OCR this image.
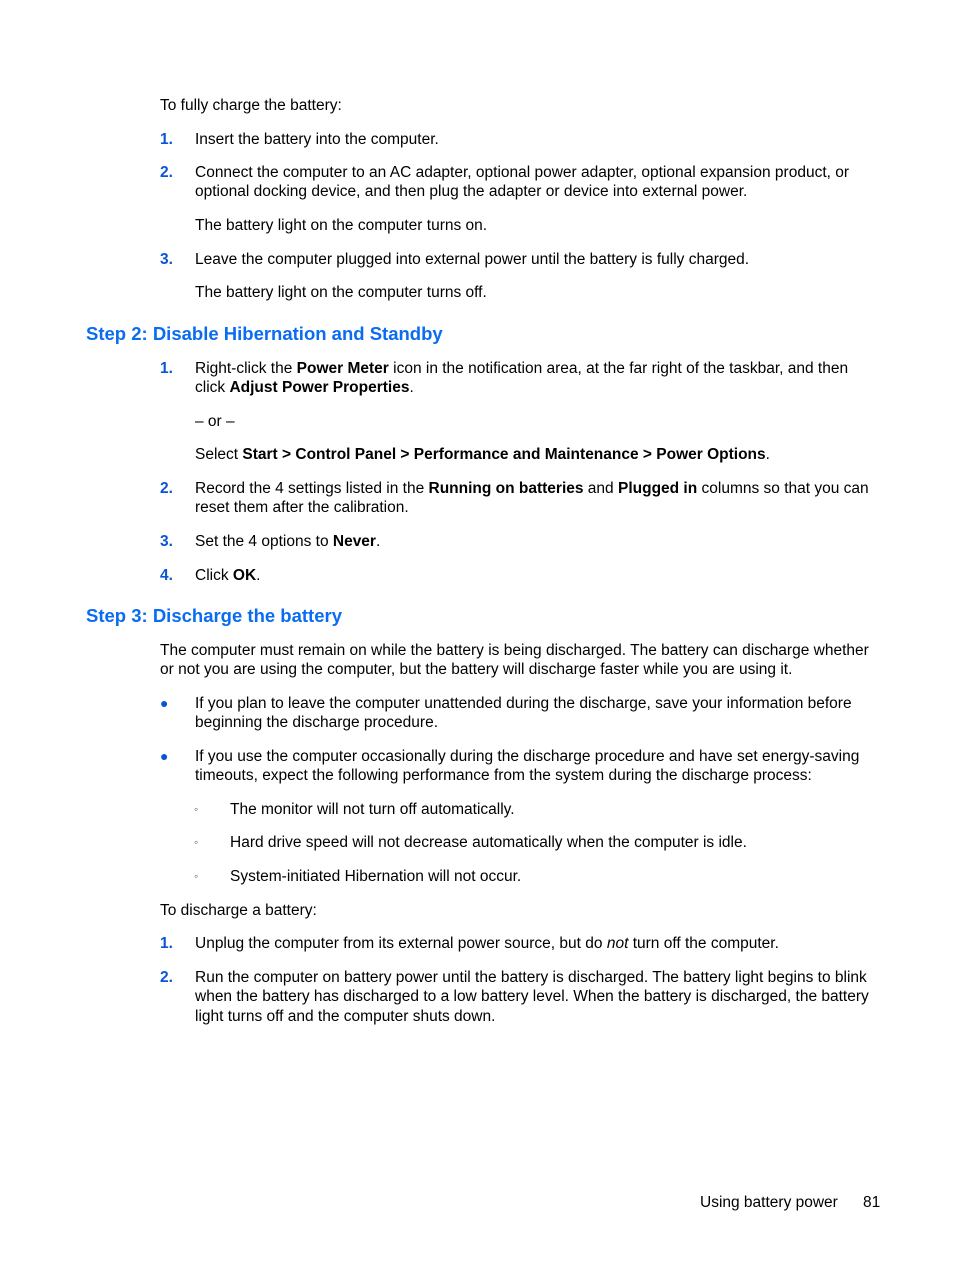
To fully charge the battery:
1. Insert the battery into the computer.
2. Connect the computer to an AC adapter, optional power adapter, optional expansion product, or
optional docking device, and then plug the adapter or device into external power.
The battery light on the computer turns on.
3. Leave the computer plugged into external power until the battery is fully charged.
The battery light on the computer turns off.
Step 2: Disable Hibernation and Standby
1. Right-click the Power Meter icon in the notification area, at the far right of the taskbar, and then
click Adjust Power Properties.
– or –
Select Start > Control Panel > Performance and Maintenance > Power Options.
2. Record the 4 settings listed in the Running on batteries and Plugged in columns so that you can
reset them after the calibration.
3. Set the 4 options to Never.
4. Click OK.
Step 3: Discharge the battery
The computer must remain on while the battery is being discharged. The battery can discharge whether
or not you are using the computer, but the battery will discharge faster while you are using it.
● If you plan to leave the computer unattended during the discharge, save your information before
beginning the discharge procedure.
● If you use the computer occasionally during the discharge procedure and have set energy-saving
timeouts, expect the following performance from the system during the discharge process:
◦ The monitor will not turn off automatically.
◦ Hard drive speed will not decrease automatically when the computer is idle.
◦ System-initiated Hibernation will not occur.
To discharge a battery:
1. Unplug the computer from its external power source, but do not turn off the computer.
2. Run the computer on battery power until the battery is discharged. The battery light begins to blink
when the battery has discharged to a low battery level. When the battery is discharged, the battery
light turns off and the computer shuts down.
Using battery power 81
